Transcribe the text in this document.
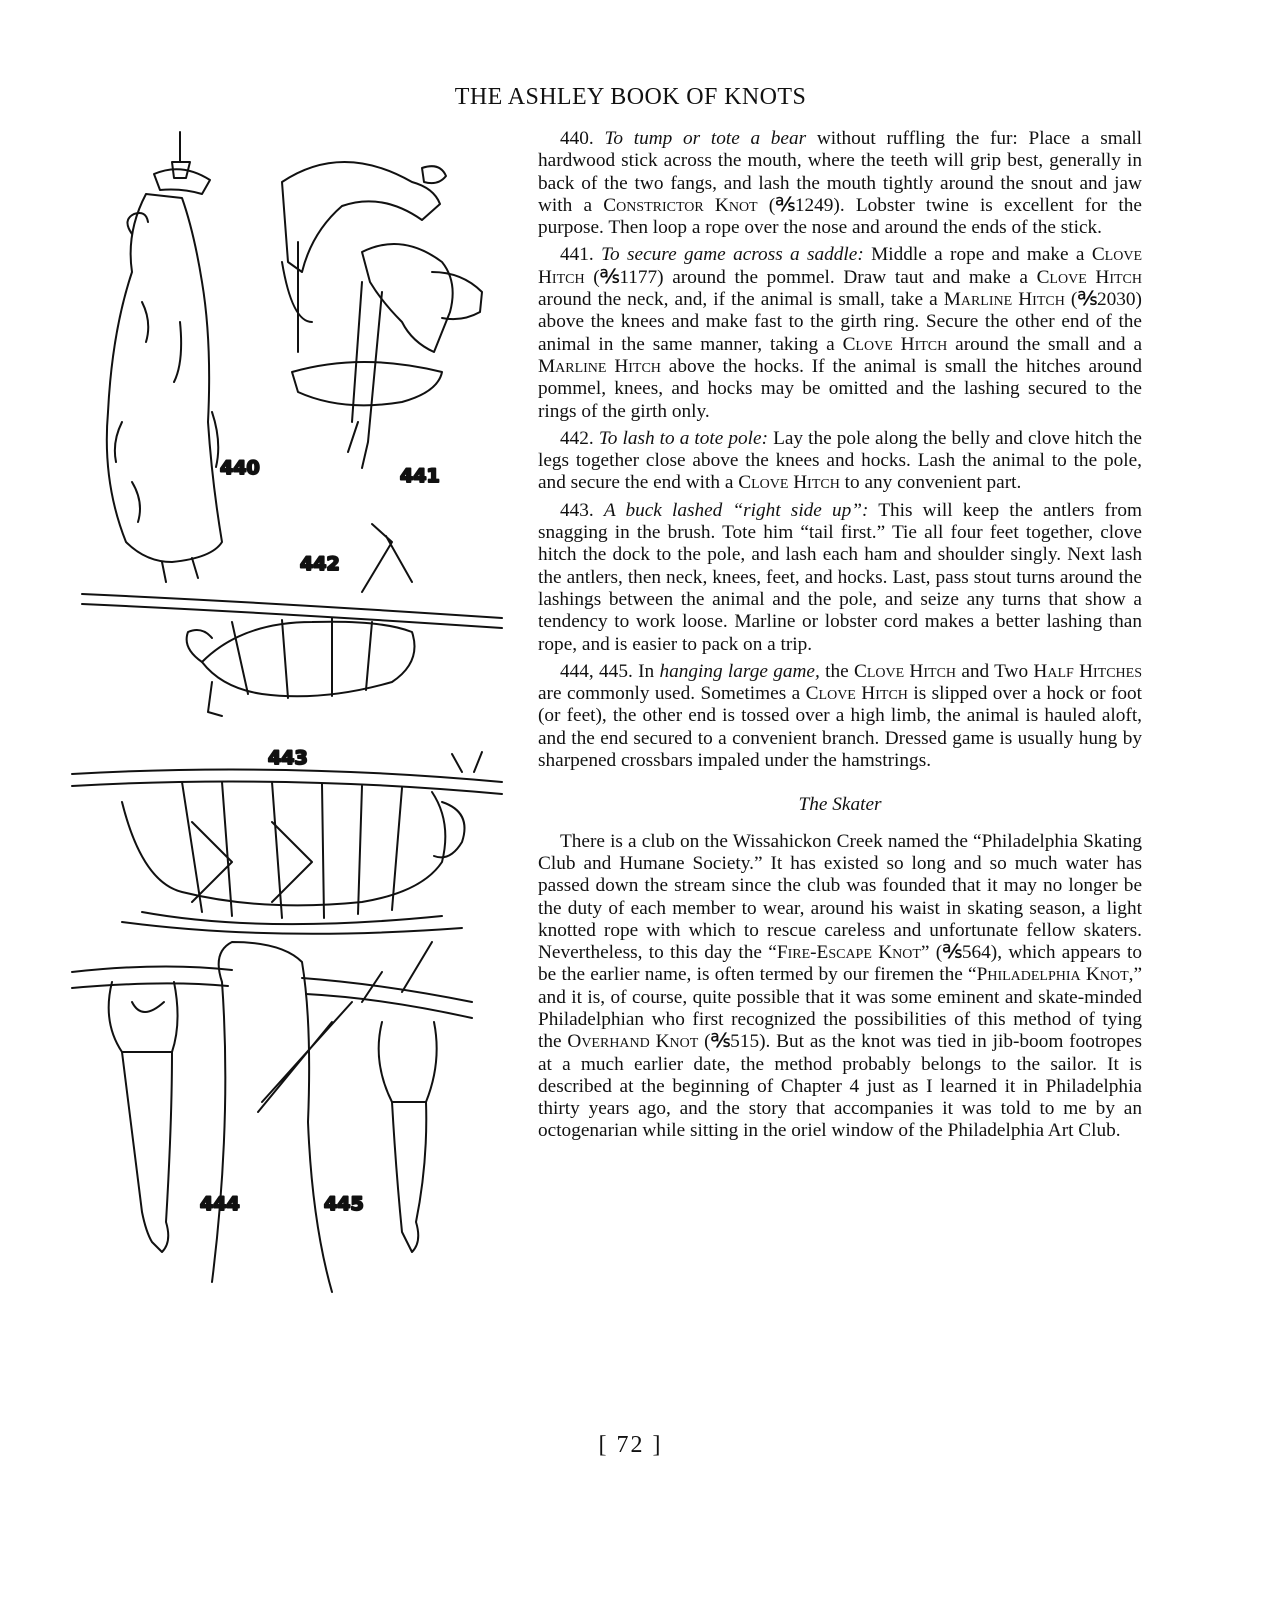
THE ASHLEY BOOK OF KNOTS
440	441
442
443
444	445

440. To tump or tote a bear without ruffling the fur: Place a small hardwood stick across the mouth, where the teeth will grip best, generally in back of the two fangs, and lash the mouth tightly around the snout and jaw with a Constrictor Knot (℁1249). Lobster twine is excellent for the purpose. Then loop a rope over the nose and around the ends of the stick.

441. To secure game across a saddle: Middle a rope and make a Clove Hitch (℁1177) around the pommel. Draw taut and make a Clove Hitch around the neck, and, if the animal is small, take a Marline Hitch (℁2030) above the knees and make fast to the girth ring. Secure the other end of the animal in the same manner, taking a Clove Hitch around the small and a Marline Hitch above the hocks. If the animal is small the hitches around pommel, knees, and hocks may be omitted and the lashing secured to the rings of the girth only.

442. To lash to a tote pole: Lay the pole along the belly and clove hitch the legs together close above the knees and hocks. Lash the animal to the pole, and secure the end with a Clove Hitch to any convenient part.

443. A buck lashed “right side up”: This will keep the antlers from snagging in the brush. Tote him “tail first.” Tie all four feet together, clove hitch the dock to the pole, and lash each ham and shoulder singly. Next lash the antlers, then neck, knees, feet, and hocks. Last, pass stout turns around the lashings between the animal and the pole, and seize any turns that show a tendency to work loose. Marline or lobster cord makes a better lashing than rope, and is easier to pack on a trip.

444, 445. In hanging large game, the Clove Hitch and Two Half Hitches are commonly used. Sometimes a Clove Hitch is slipped over a hock or foot (or feet), the other end is tossed over a high limb, the animal is hauled aloft, and the end secured to a convenient branch. Dressed game is usually hung by sharpened crossbars impaled under the hamstrings.

The Skater

There is a club on the Wissahickon Creek named the “Philadelphia Skating Club and Humane Society.” It has existed so long and so much water has passed down the stream since the club was founded that it may no longer be the duty of each member to wear, around his waist in skating season, a light knotted rope with which to rescue careless and unfortunate fellow skaters. Nevertheless, to this day the “Fire-Escape Knot” (℁564), which appears to be the earlier name, is often termed by our firemen the “Philadelphia Knot,” and it is, of course, quite possible that it was some eminent and skate-minded Philadelphian who first recognized the possibilities of this method of tying the Overhand Knot (℁515). But as the knot was tied in jib-boom footropes at a much earlier date, the method probably belongs to the sailor. It is described at the beginning of Chapter 4 just as I learned it in Philadelphia thirty years ago, and the story that accompanies it was told to me by an octogenarian while sitting in the oriel window of the Philadelphia Art Club.

[ 72 ]
